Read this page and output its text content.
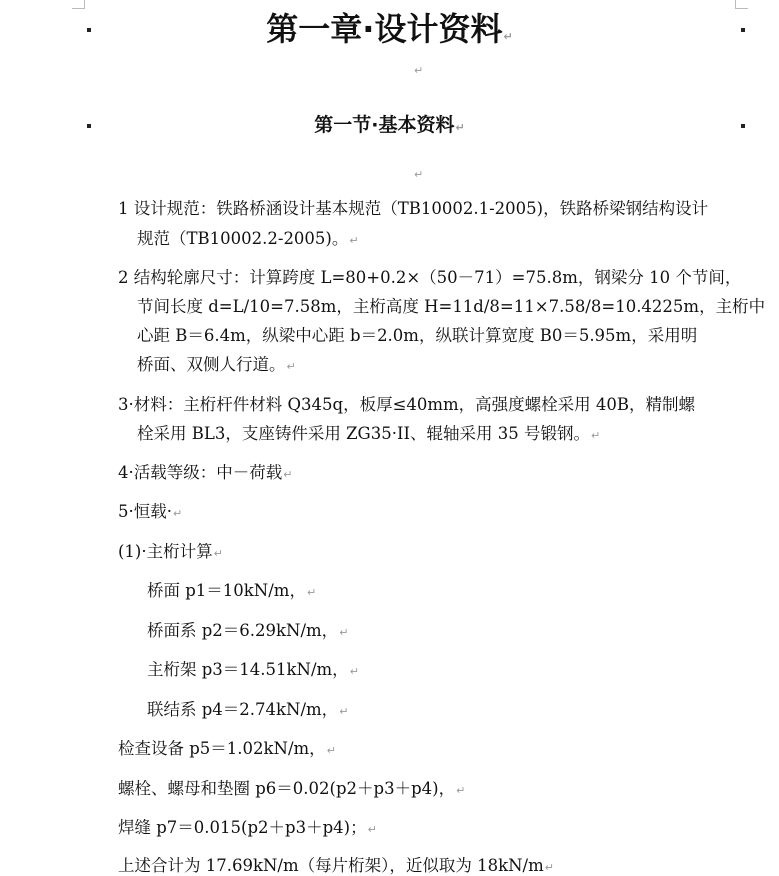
第一章·设计资料↵
↵
第一节·基本资料↵
↵
1 设计规范：铁路桥涵设计基本规范（TB10002.1-2005)，铁路桥梁钢结构设计
规范（TB10002.2-2005)。↵
2 结构轮廓尺寸：计算跨度 L=80+0.2×（50－71）=75.8m，钢梁分 10 个节间，
节间长度 d=L/10=7.58m，主桁高度 H=11d/8=11×7.58/8=10.4225m，主桁中
心距 B＝6.4m，纵梁中心距 b＝2.0m，纵联计算宽度 B0＝5.95m，采用明
桥面、双侧人行道。↵
3·材料：主桁杆件材料 Q345q，板厚≤40mm，高强度螺栓采用 40B，精制螺
栓采用 BL3，支座铸件采用 ZG35·II、辊轴采用 35 号锻钢。↵
4·活载等级：中－荷载↵
5·恒载·↵
(1)·主桁计算↵
桥面 p1＝10kN/m，↵
桥面系 p2＝6.29kN/m，↵
主桁架 p3＝14.51kN/m，↵
联结系 p4＝2.74kN/m，↵
检查设备 p5＝1.02kN/m，↵
螺栓、螺母和垫圈 p6＝0.02(p2＋p3＋p4)，↵
焊缝 p7＝0.015(p2＋p3＋p4)；↵
上述合计为 17.69kN/m（每片桁架），近似取为 18kN/m↵
